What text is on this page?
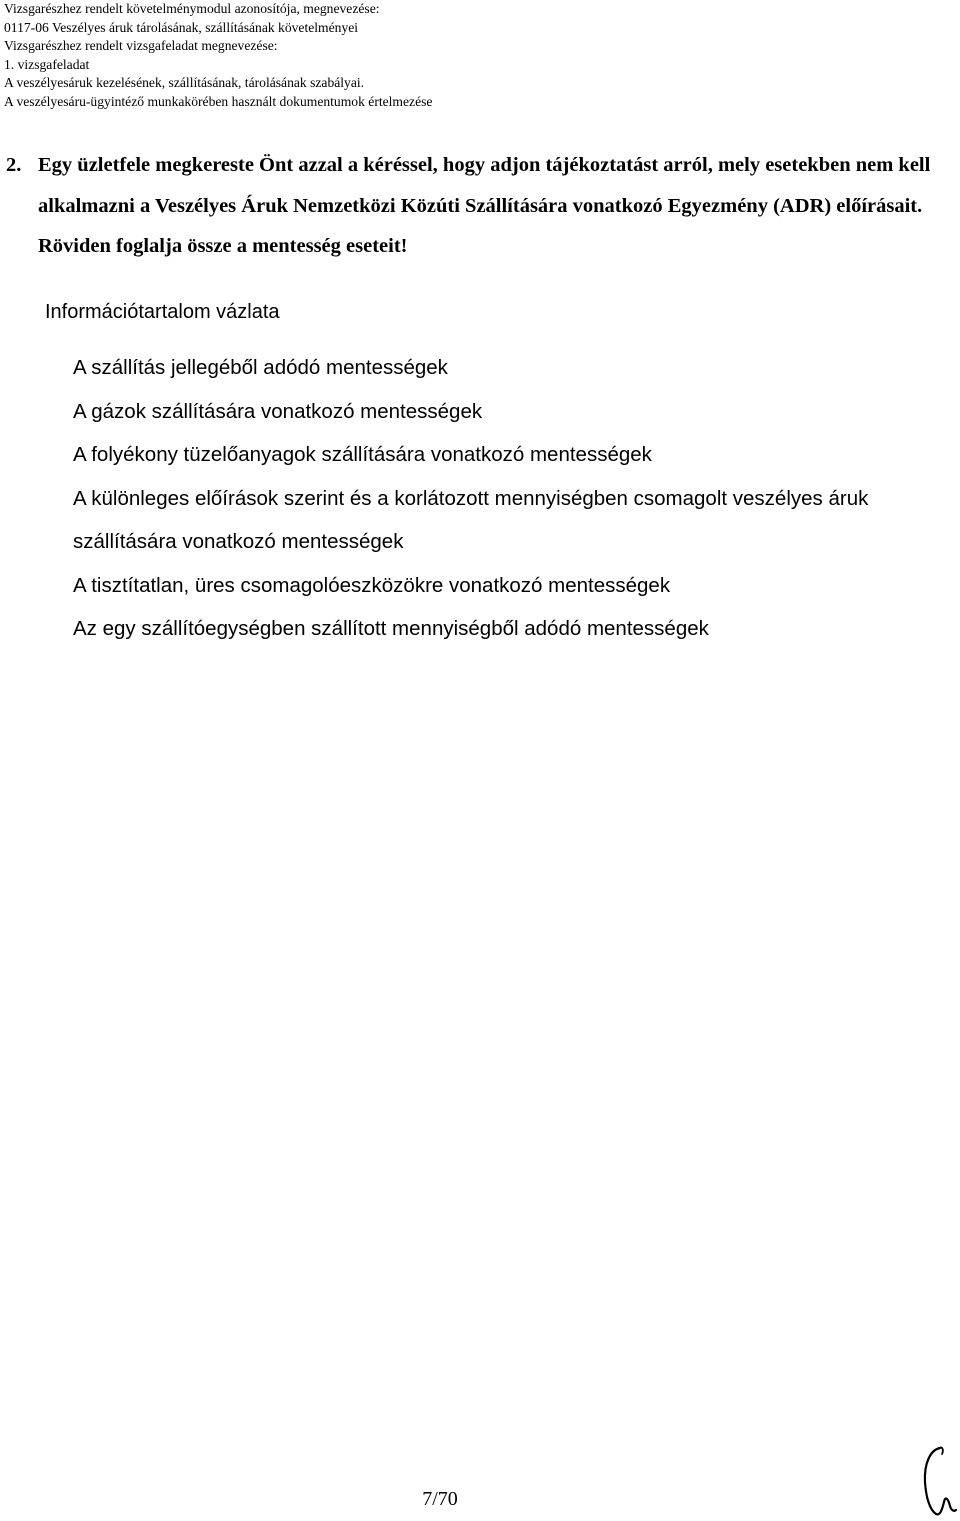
Vizsgarészhez rendelt követelménymodul azonosítója, megnevezése:
0117-06 Veszélyes áruk tárolásának, szállításának követelményei
Vizsgarészhez rendelt vizsgafeladat megnevezése:
1. vizsgafeladat
A veszélyesáruk kezelésének, szállításának, tárolásának szabályai.
A veszélyesáru-ügyintéző munkakörében használt dokumentumok értelmezése
2. Egy üzletfele megkereste Önt azzal a kéréssel, hogy adjon tájékoztatást arról, mely esetekben nem kell alkalmazni a Veszélyes Áruk Nemzetközi Közúti Szállítására vonatkozó Egyezmény (ADR) előírásait. Röviden foglalja össze a mentesség eseteit!
Információtartalom vázlata
A szállítás jellegéből adódó mentességek
A gázok szállítására vonatkozó mentességek
A folyékony tüzelőanyagok szállítására vonatkozó mentességek
A különleges előírások szerint és a korlátozott mennyiségben csomagolt veszélyes áruk szállítására vonatkozó mentességek
A tisztítatlan, üres csomagolóeszközökre vonatkozó mentességek
Az egy szállítóegységben szállított mennyiségből adódó mentességek
7/70
